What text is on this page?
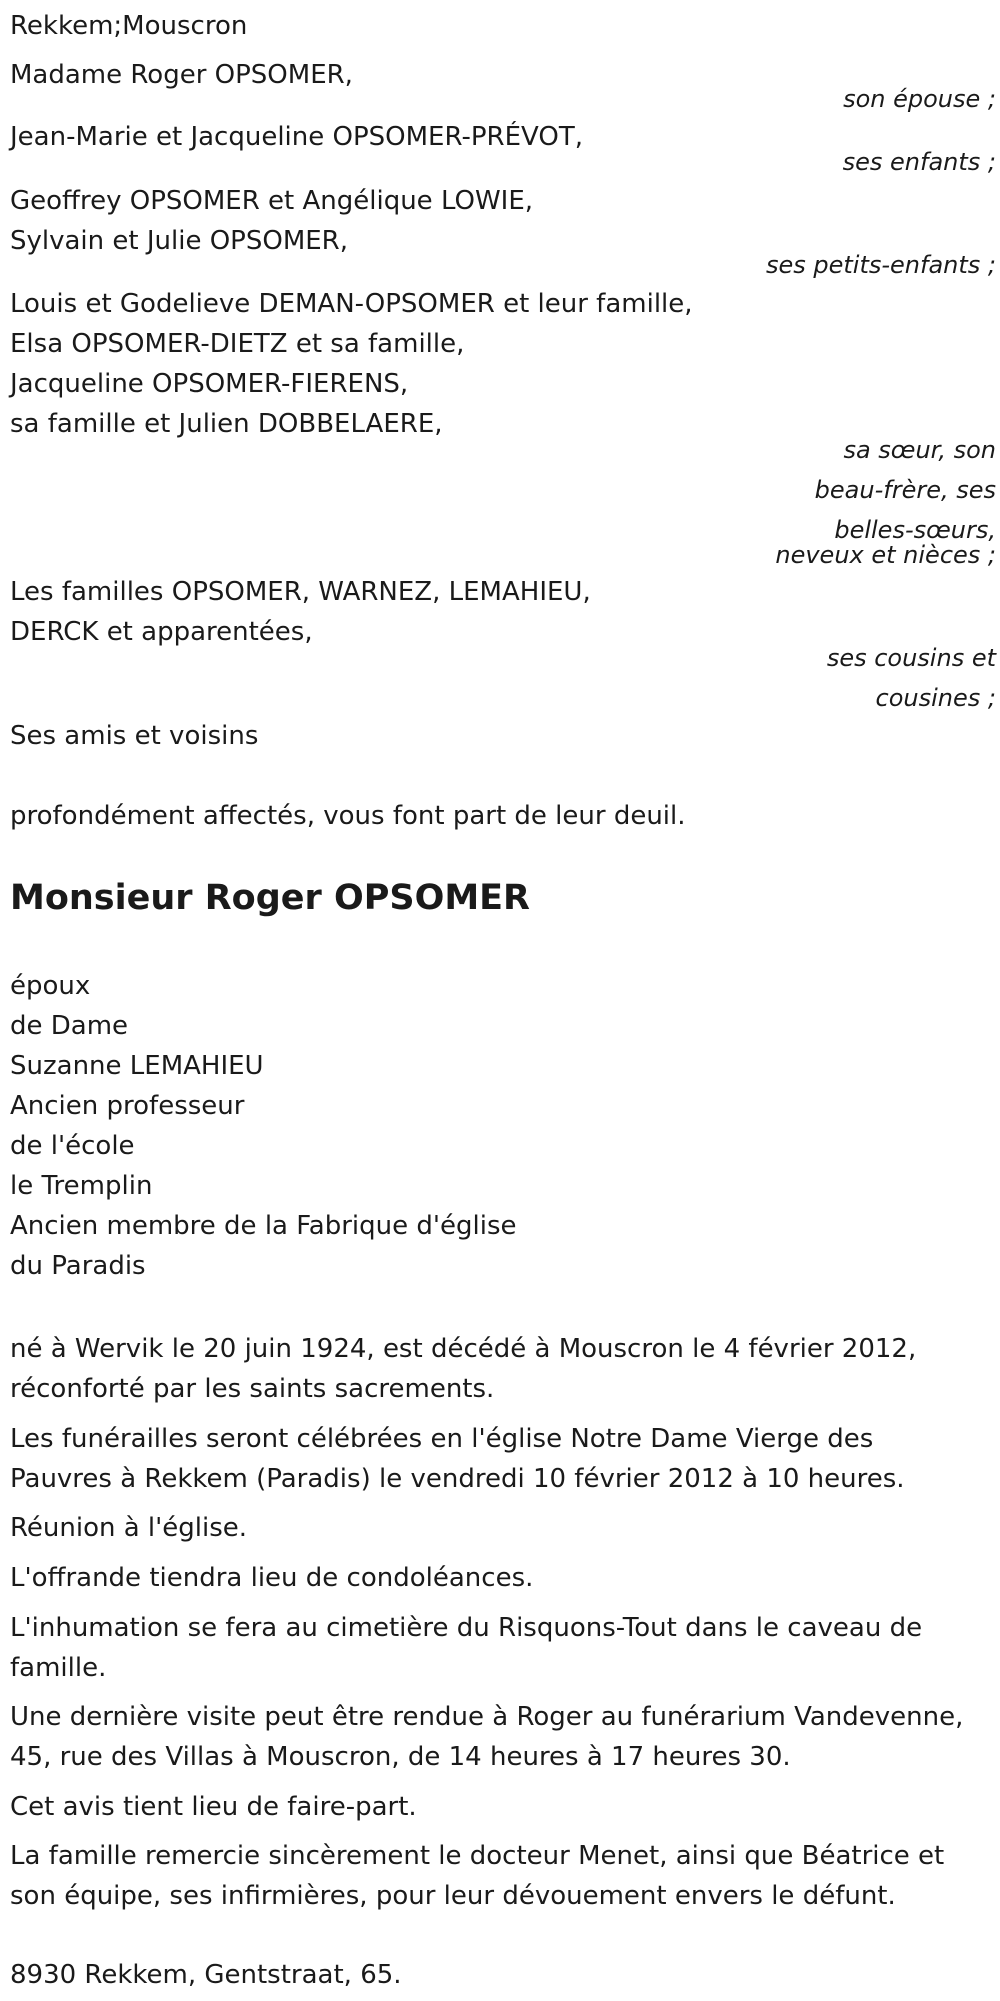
Rekkem;Mouscron
Madame Roger OPSOMER,
son épouse ;
Jean-Marie et Jacqueline OPSOMER-PRÉVOT,
ses enfants ;
Geoffrey OPSOMER et Angélique LOWIE,
Sylvain et Julie OPSOMER,
ses petits-enfants ;
Louis et Godelieve DEMAN-OPSOMER et leur famille,
Elsa OPSOMER-DIETZ et sa famille,
Jacqueline OPSOMER-FIERENS,
sa famille et Julien DOBBELAERE,
sa sœur, son
beau-frère, ses
belles-sœurs,
neveux et nièces ;
Les familles OPSOMER, WARNEZ, LEMAHIEU,
DERCK et apparentées,
ses cousins et
cousines ;
Ses amis et voisins
profondément affectés, vous font part de leur deuil.
Monsieur Roger OPSOMER
époux
de Dame
Suzanne LEMAHIEU
Ancien professeur
de l'école
le Tremplin
Ancien membre de la Fabrique d'église
du Paradis
né à Wervik le 20 juin 1924, est décédé à Mouscron le 4 février 2012,
réconforté par les saints sacrements.
Les funérailles seront célébrées en l'église Notre Dame Vierge des
Pauvres à Rekkem (Paradis) le vendredi 10 février 2012 à 10 heures.
Réunion à l'église.
L'offrande tiendra lieu de condoléances.
L'inhumation se fera au cimetière du Risquons-Tout dans le caveau de
famille.
Une dernière visite peut être rendue à Roger au funérarium Vandevenne,
45, rue des Villas à Mouscron, de 14 heures à 17 heures 30.
Cet avis tient lieu de faire-part.
La famille remercie sincèrement le docteur Menet, ainsi que Béatrice et
son équipe, ses infirmières, pour leur dévouement envers le défunt.
8930 Rekkem, Gentstraat, 65.
